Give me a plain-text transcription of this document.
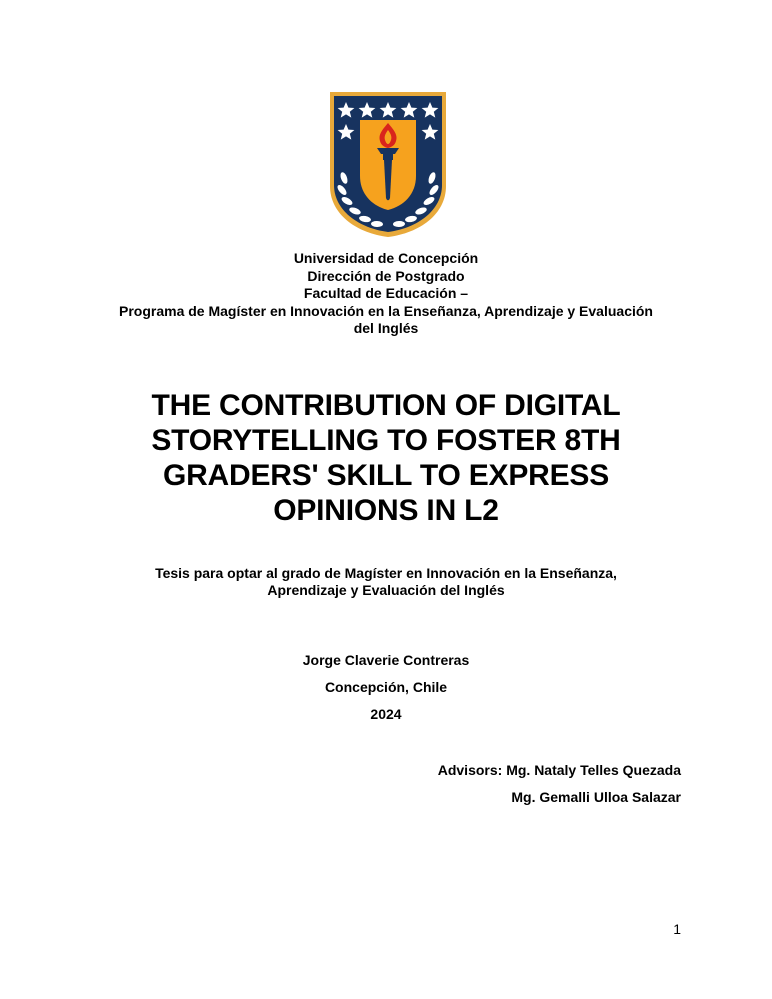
Universidad de Concepción
Dirección de Postgrado
Facultad de Educación –
Programa de Magíster en Innovación en la Enseñanza, Aprendizaje y Evaluación
del Inglés
THE CONTRIBUTION OF DIGITAL
STORYTELLING TO FOSTER 8TH
GRADERS' SKILL TO EXPRESS
OPINIONS IN L2
Tesis para optar al grado de Magíster en Innovación en la Enseñanza,
Aprendizaje y Evaluación del Inglés
Jorge Claverie Contreras
Concepción, Chile
2024
Advisors: Mg. Nataly Telles Quezada
Mg. Gemalli Ulloa Salazar
1
